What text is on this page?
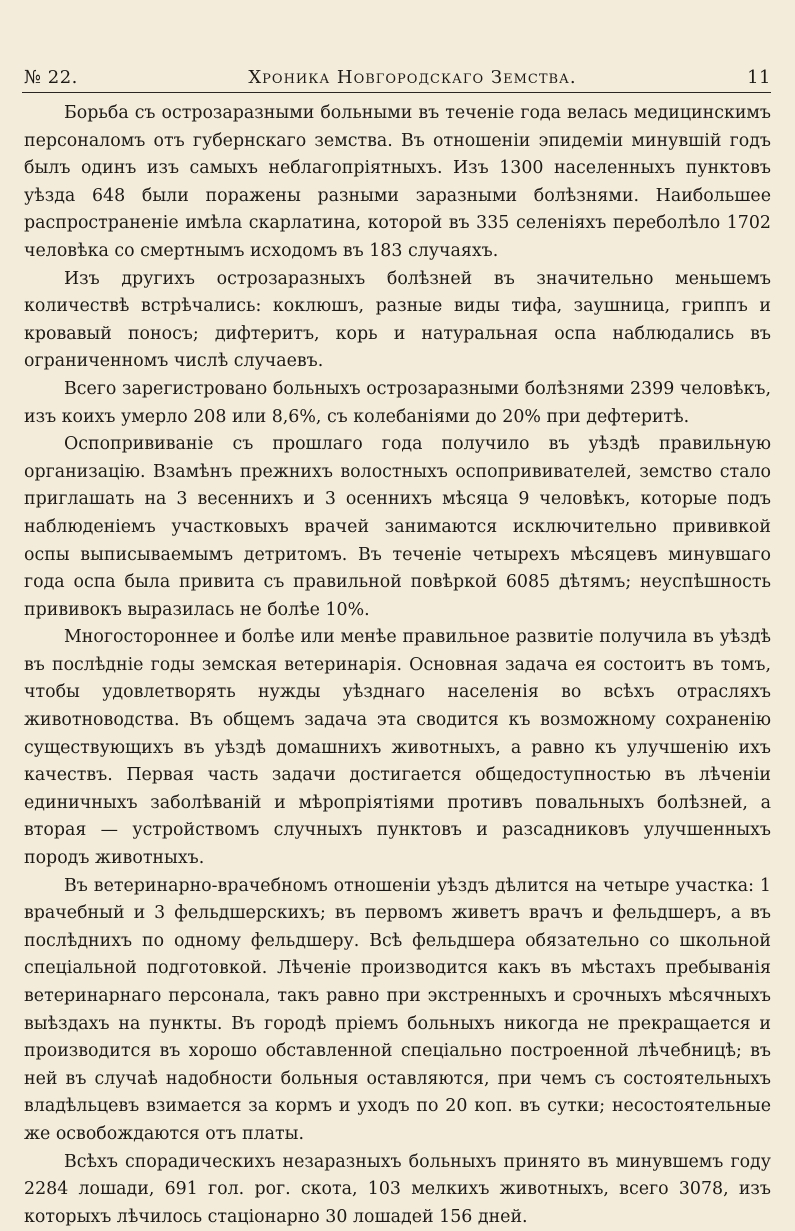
№ 22.	Хроника Новгородскаго Земства.	11

Борьба съ острозаразными больными въ теченіе года велась медицинскимъ персоналомъ отъ губернскаго земства. Въ отношеніи эпидеміи минувшій годъ былъ одинъ изъ самыхъ неблагопріятныхъ. Изъ 1300 населенныхъ пунктовъ уѣзда 648 были поражены разными заразными болѣзнями. Наибольшее распространеніе имѣла скарлатина, которой въ 335 селеніяхъ переболѣло 1702 человѣка со смертнымъ исходомъ въ 183 случаяхъ.

Изъ другихъ острозаразныхъ болѣзней въ значительно меньшемъ количествѣ встрѣчались: коклюшъ, разные виды тифа, заушница, гриппъ и кровавый поносъ; дифтеритъ, корь и натуральная оспа наблюдались въ ограниченномъ числѣ случаевъ.

Всего зарегистровано больныхъ острозаразными болѣзнями 2399 человѣкъ, изъ коихъ умерло 208 или 8,6%, съ колебаніями до 20% при дефтеритѣ.

Оспопрививаніе съ прошлаго года получило въ уѣздѣ правильную организацію. Взамѣнъ прежнихъ волостныхъ оспопрививателей, земство стало приглашать на 3 весеннихъ и 3 осеннихъ мѣсяца 9 человѣкъ, которые подъ наблюденіемъ участковыхъ врачей занимаются исключительно прививкой оспы выписываемымъ детритомъ. Въ теченіе четырехъ мѣсяцевъ минувшаго года оспа была привита съ правильной повѣркой 6085 дѣтямъ; неуспѣшность прививокъ выразилась не болѣе 10%.

Многостороннее и болѣе или менѣе правильное развитіе получила въ уѣздѣ въ послѣдніе годы земская ветеринарія. Основная задача ея состоитъ въ томъ, чтобы удовлетворять нужды уѣзднаго населенія во всѣхъ отрасляхъ животноводства. Въ общемъ задача эта сводится къ возможному сохраненію существующихъ въ уѣздѣ домашнихъ животныхъ, а равно къ улучшенію ихъ качествъ. Первая часть задачи достигается общедоступностью въ лѣченіи единичныхъ заболѣваній и мѣропріятіями противъ повальныхъ болѣзней, а вторая — устройствомъ случныхъ пунктовъ и разсадниковъ улучшенныхъ породъ животныхъ.

Въ ветеринарно-врачебномъ отношеніи уѣздъ дѣлится на четыре участка: 1 врачебный и 3 фельдшерскихъ; въ первомъ живетъ врачъ и фельдшеръ, а въ послѣднихъ по одному фельдшеру. Всѣ фельдшера обязательно со школьной спеціальной подготовкой. Лѣченіе производится какъ въ мѣстахъ пребыванія ветеринарнаго персонала, такъ равно при экстренныхъ и срочныхъ мѣсячныхъ выѣздахъ на пункты. Въ городѣ пріемъ больныхъ никогда не прекращается и производится въ хорошо обставленной спеціально построенной лѣчебницѣ; въ ней въ случаѣ надобности больныя оставляются, при чемъ съ состоятельныхъ владѣльцевъ взимается за кормъ и уходъ по 20 коп. въ сутки; несостоятельные же освобождаются отъ платы.

Всѣхъ спорадическихъ незаразныхъ больныхъ принято въ минувшемъ году 2284 лошади, 691 гол. рог. скота, 103 мелкихъ животныхъ, всего 3078, изъ которыхъ лѣчилось стаціонарно 30 лошадей 156 дней.
